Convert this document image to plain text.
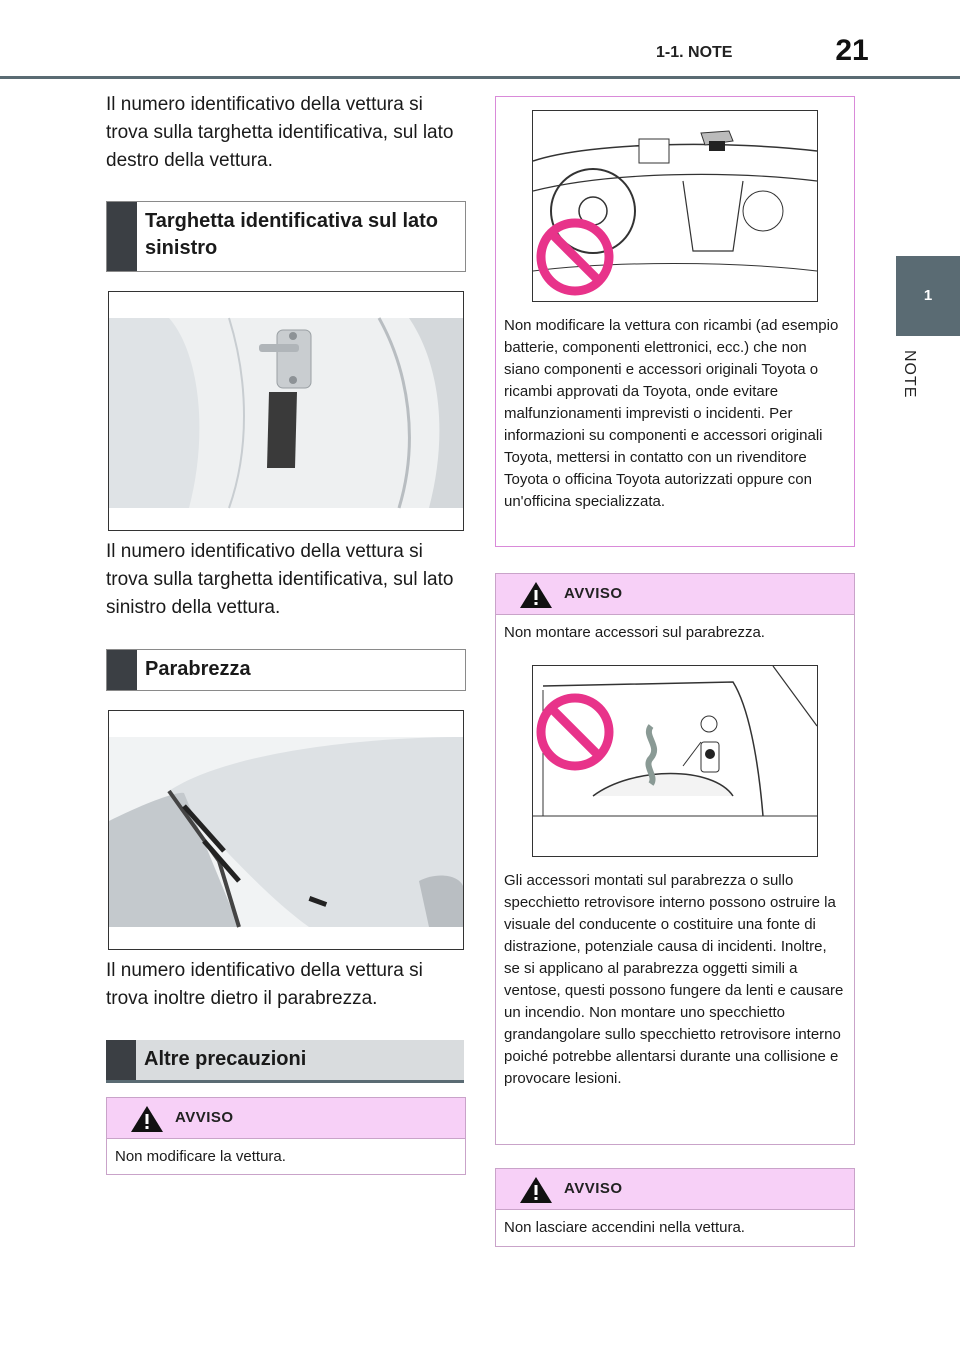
1-1. NOTE	21
1
NOTE
Il numero identificativo della vettura si trova sulla targhetta identificativa, sul lato destro della vettura.
Targhetta identificativa sul lato sinistro
Il numero identificativo della vettura si trova sulla targhetta identificativa, sul lato sinistro della vettura.
Parabrezza
Il numero identificativo della vettura si trova inoltre dietro il parabrezza.
Altre precauzioni
AVVISO
Non modificare la vettura.
Non modificare la vettura con ricambi (ad esempio batterie, componenti elettronici, ecc.) che non siano componenti e accessori originali Toyota o ricambi approvati da Toyota, onde evitare malfunzionamenti imprevisti o incidenti. Per informazioni su componenti e accessori originali Toyota, mettersi in contatto con un rivenditore Toyota o officina Toyota autorizzati oppure con un'officina specializzata.
AVVISO
Non montare accessori sul parabrezza.
Gli accessori montati sul parabrezza o sullo specchietto retrovisore interno possono ostruire la visuale del conducente o costituire una fonte di distrazione, potenziale causa di incidenti. Inoltre, se si applicano al parabrezza oggetti simili a ventose, questi possono fungere da lenti e causare un incendio. Non montare uno specchietto grandangolare sullo specchietto retrovisore interno poiché potrebbe allentarsi durante una collisione e provocare lesioni.
AVVISO
Non lasciare accendini nella vettura.
